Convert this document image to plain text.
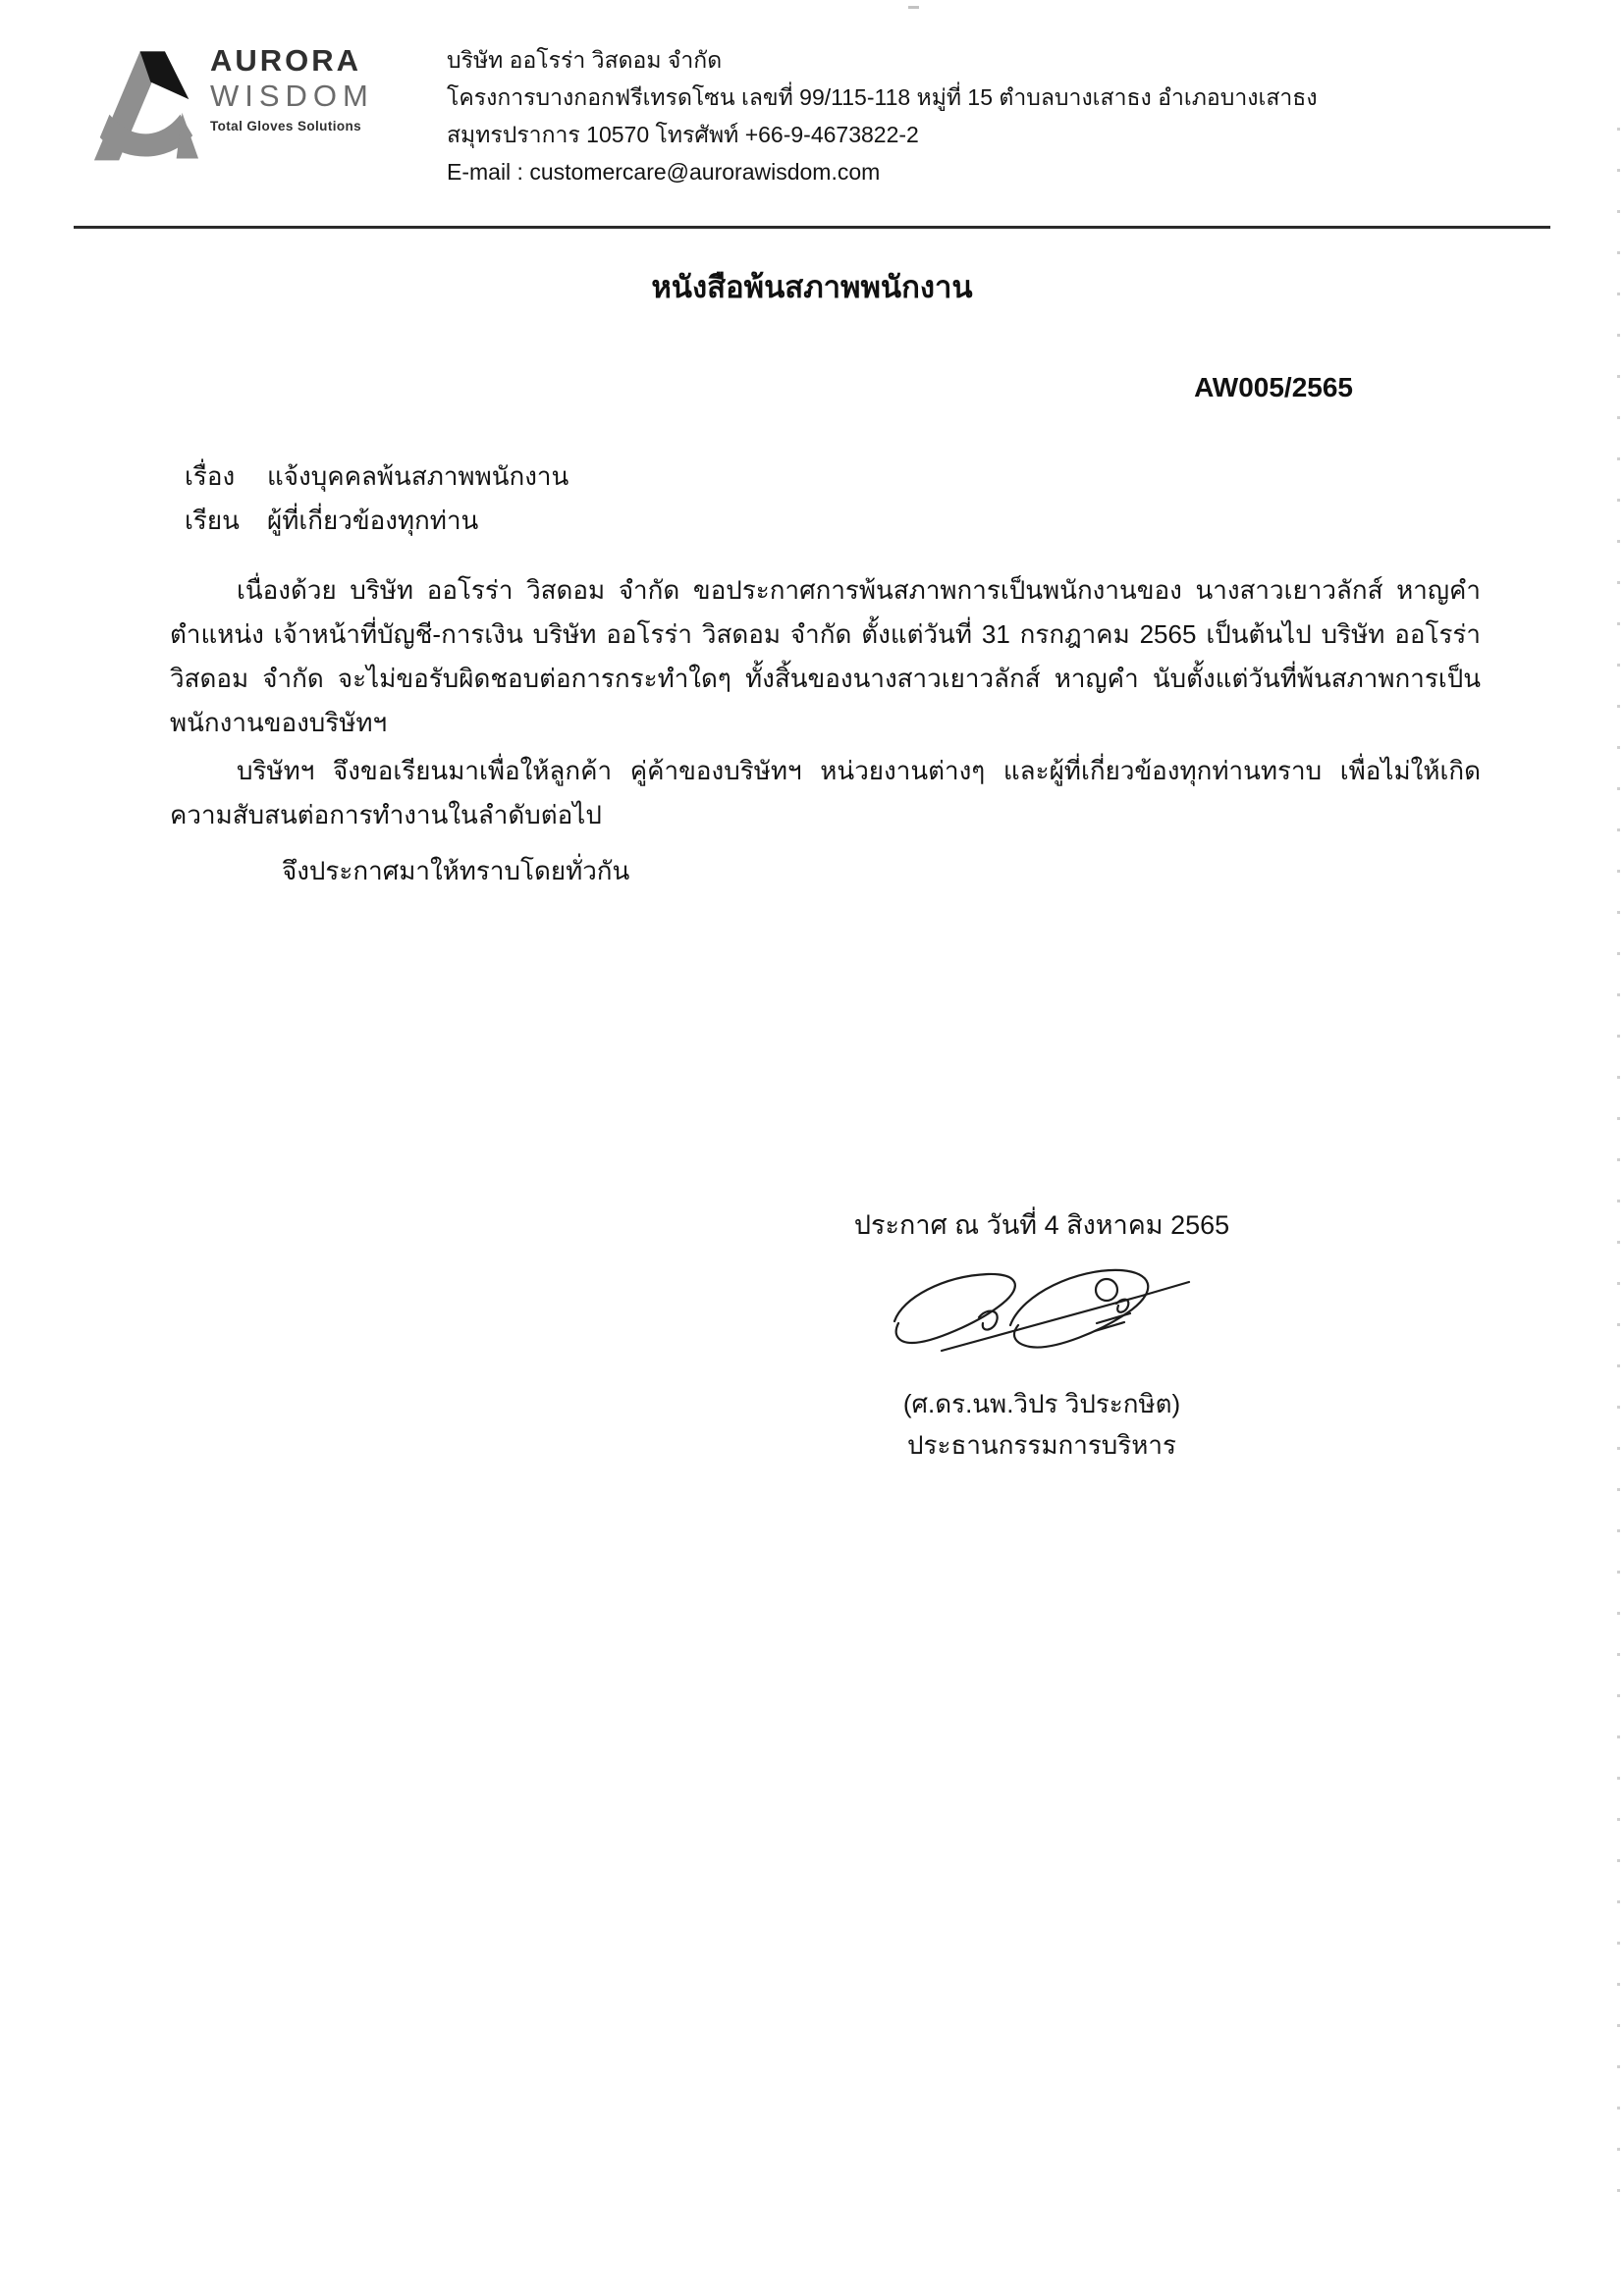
AURORA
WISDOM
Total Gloves Solutions
บริษัท ออโรร่า วิสดอม จำกัด
โครงการบางกอกฟรีเทรดโซน เลขที่ 99/115-118 หมู่ที่ 15 ตำบลบางเสาธง อำเภอบางเสาธง
สมุทรปราการ 10570 โทรศัพท์ +66-9-4673822-2
E-mail : customercare@aurorawisdom.com
หนังสือพ้นสภาพพนักงาน
AW005/2565
เรื่อง	แจ้งบุคคลพ้นสภาพพนักงาน
เรียน	ผู้ที่เกี่ยวข้องทุกท่าน
เนื่องด้วย บริษัท ออโรร่า วิสดอม จำกัด ขอประกาศการพ้นสภาพการเป็นพนักงานของ นางสาวเยาวลักส์ หาญคำ ตำแหน่ง เจ้าหน้าที่บัญชี-การเงิน บริษัท ออโรร่า วิสดอม จำกัด ตั้งแต่วันที่ 31 กรกฎาคม 2565 เป็นต้นไป บริษัท ออโรร่า วิสดอม จำกัด จะไม่ขอรับผิดชอบต่อการกระทำใดๆ ทั้งสิ้นของนางสาวเยาวลักส์ หาญคำ นับตั้งแต่วันที่พ้นสภาพการเป็นพนักงานของบริษัทฯ
บริษัทฯ จึงขอเรียนมาเพื่อให้ลูกค้า คู่ค้าของบริษัทฯ หน่วยงานต่างๆ และผู้ที่เกี่ยวข้องทุกท่านทราบ เพื่อไม่ให้เกิดความสับสนต่อการทำงานในลำดับต่อไป
จึงประกาศมาให้ทราบโดยทั่วกัน
ประกาศ ณ วันที่ 4 สิงหาคม 2565
(ศ.ดร.นพ.วิปร วิประกษิต)
ประธานกรรมการบริหาร
